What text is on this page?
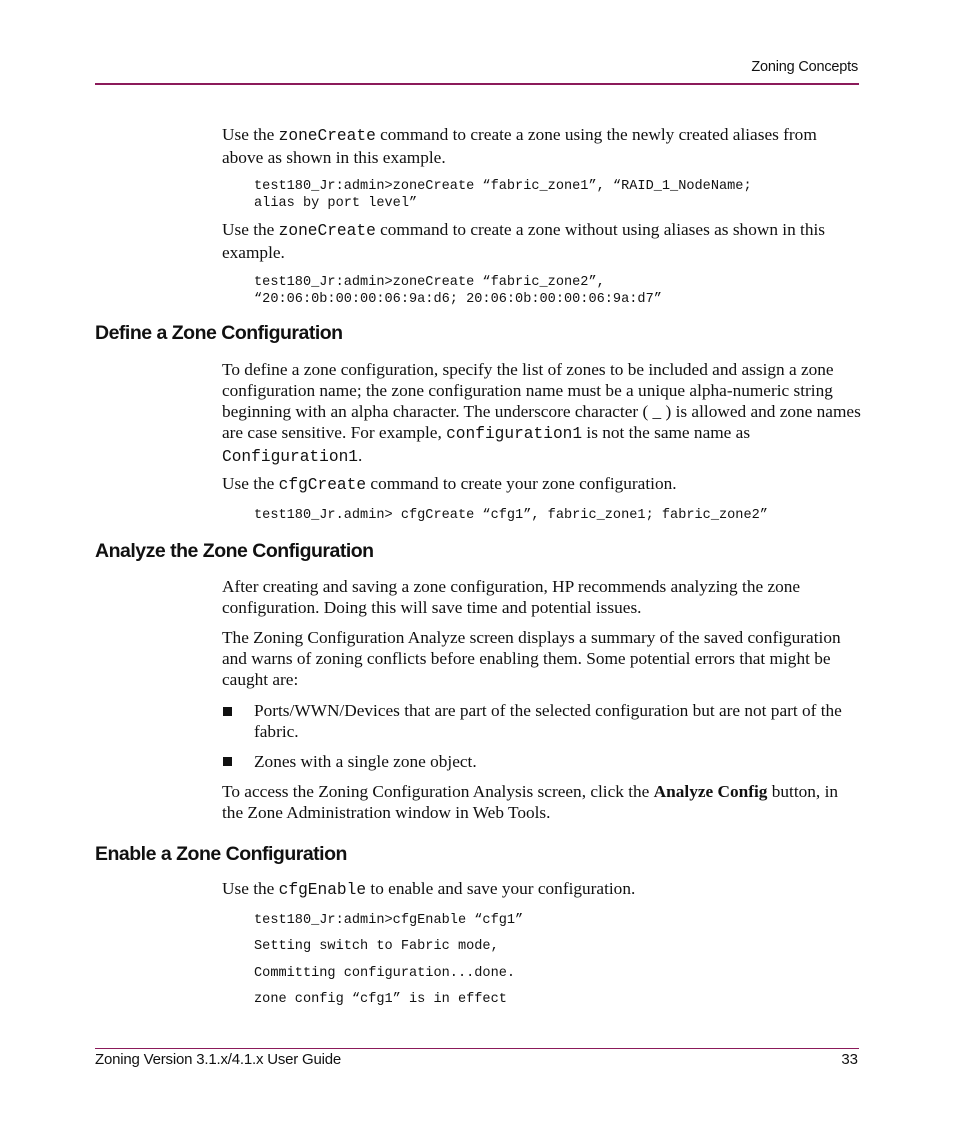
Zoning Concepts

Use the zoneCreate command to create a zone using the newly created aliases from above as shown in this example.

test180_Jr:admin>zoneCreate “fabric_zone1”, “RAID_1_NodeName;
alias by port level”

Use the zoneCreate command to create a zone without using aliases as shown in this example.

test180_Jr:admin>zoneCreate “fabric_zone2”,
“20:06:0b:00:00:06:9a:d6; 20:06:0b:00:00:06:9a:d7”
Define a Zone Configuration

To define a zone configuration, specify the list of zones to be included and assign a zone configuration name; the zone configuration name must be a unique alpha-numeric string beginning with an alpha character. The underscore character ( _ ) is allowed and zone names are case sensitive. For example, configuration1 is not the same name as Configuration1.

Use the cfgCreate command to create your zone configuration.

test180_Jr.admin> cfgCreate “cfg1”, fabric_zone1; fabric_zone2”
Analyze the Zone Configuration

After creating and saving a zone configuration, HP recommends analyzing the zone configuration. Doing this will save time and potential issues.

The Zoning Configuration Analyze screen displays a summary of the saved configuration and warns of zoning conflicts before enabling them. Some potential errors that might be caught are:

Ports/WWN/Devices that are part of the selected configuration but are not part of the fabric.

Zones with a single zone object.

To access the Zoning Configuration Analysis screen, click the Analyze Config button, in the Zone Administration window in Web Tools.

Enable a Zone Configuration

Use the cfgEnable to enable and save your configuration.

test180_Jr:admin>cfgEnable “cfg1”
Setting switch to Fabric mode,
Committing configuration...done.
zone config “cfg1” is in effect
Zoning Version 3.1.x/4.1.x User Guide	33
